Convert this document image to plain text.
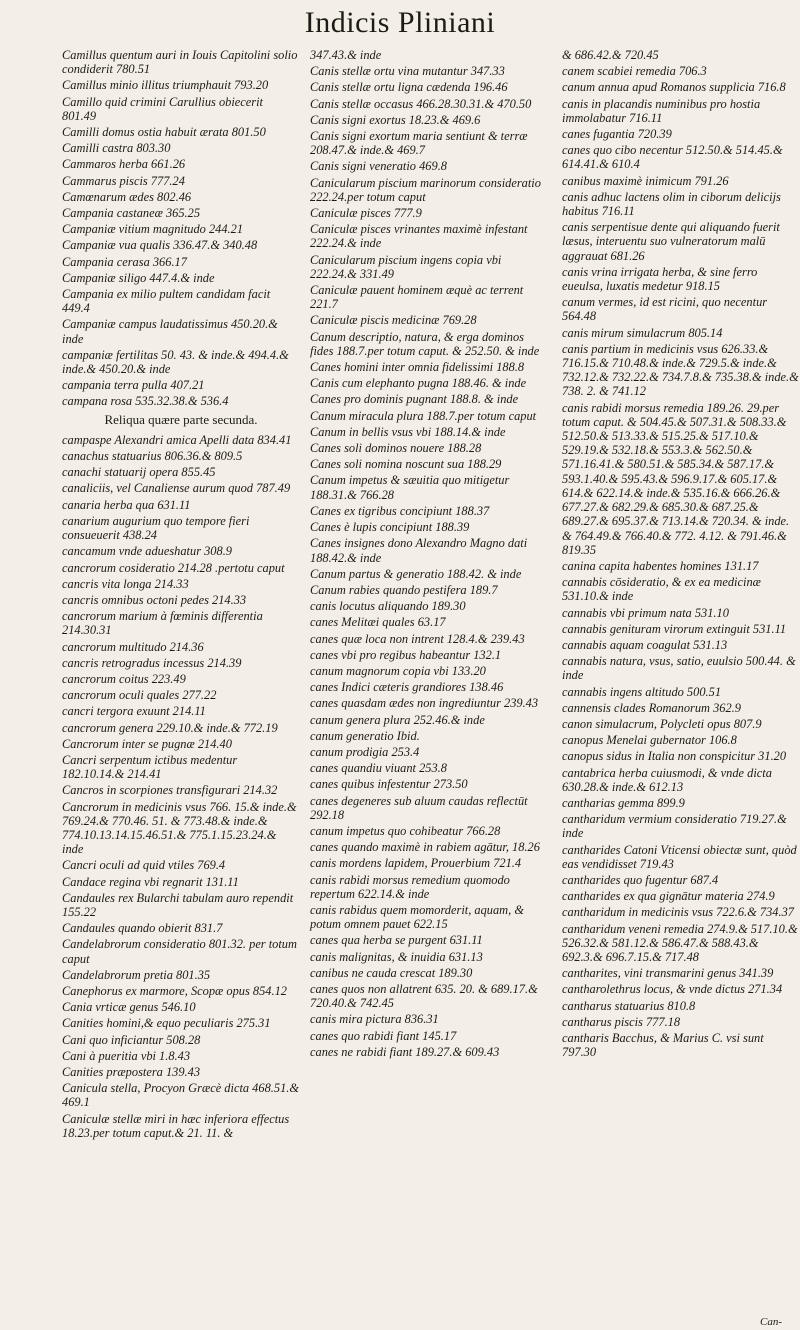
Indicis Pliniani
Camillus quentum auri in Iouis Capitolini solio condiderit 780.51
Camillus minio illitus triumphauit 793.20
Camillo quid crimini Carullius obiecerit 801.49
Camilli domus ostia habuit ærata 801.50
Camilli castra 803.30
Cammaros herba 661.26
Cammarus piscis 777.24
Camœnarum ædes 802.46
Campania castaneæ 365.25
Campaniæ vitium magnitudo 244.21
Campaniæ vua qualis 336.47.& 340.48
Campania cerasa 366.17
Campaniæ siligo 447.4.& inde
Campania ex milio pultem candidam facit 449.4
Campaniæ campus laudatissimus 450.20.& inde
campaniæ fertilitas 50. 43. & inde.& 494.4.& inde.& 450.20.& inde
campania terra pulla 407.21
campana rosa 535.32.38.& 536.4
Reliqua quære parte secunda.
campaspe Alexandri amica Apelli data 834.41
canachus statuarius 806.36.& 809.5
canachi statuarij opera 855.45
canaliciis, vel Canaliense aurum quod 787.49
canaria herba qua 631.11
canarium augurium quo tempore fieri consueuerit 438.24
cancamum vnde adueshatur 308.9
cancrorum cosideratio 214.28 .pertotu caput
cancris vita longa 214.33
cancris omnibus octoni pedes 214.33
cancrorum marium à fœminis differentia 214.30.31
cancrorum multitudo 214.36
cancris retrogradus incessus 214.39
cancrorum coitus 223.49
cancrorum oculi quales 277.22
cancri tergora exuunt 214.11
cancrorum genera 229.10.& inde.& 772.19
Cancrorum inter se pugnæ 214.40
Cancri serpentum ictibus medentur 182.10.14.& 214.41
Cancros in scorpiones transfigurari 214.32
Cancrorum in medicinis vsus 766. 15.& inde.& 769.24.& 770.46. 51. & 773.48.& inde.& 774.10.13.14.15.46.51.& 775.1.15.23.24.& inde
Cancri oculi ad quid vtiles 769.4
Candace regina vbi regnarit 131.11
Candaules rex Bularchi tabulam auro rependit 155.22
Candaules quando obierit 831.7
Candelabrorum consideratio 801.32. per totum caput
Candelabrorum pretia 801.35
Canephorus ex marmore, Scopæ opus 854.12
Cania vrticæ genus 546.10
Canities homini,& equo peculiaris 275.31
Cani quo inficiantur 508.28
Cani à pueritia vbi 1.8.43
Canities præpostera 139.43
Canicula stella, Procyon Græcè dicta 468.51.& 469.1
Caniculæ stellæ miri in hæc inferiora effectus 18.23.per totum caput.& 21. 11. &
347.43.& inde
Canis stellæ ortu vina mutantur 347.33
Canis stellæ ortu ligna cædenda 196.46
Canis stellæ occasus 466.28.30.31.& 470.50
Canis signi exortus 18.23.& 469.6
Canis signi exortum maria sentiunt & terræ 208.47.& inde.& 469.7
Canis signi veneratio 469.8
Canicularum piscium marinorum consideratio 222.24.per totum caput
Caniculæ pisces 777.9
Caniculæ pisces vrinantes maximè infestant 222.24.& inde
Canicularum piscium ingens copia vbi 222.24.& 331.49
Caniculæ pauent hominem æquè ac terrent 221.7
Caniculæ piscis medicinæ 769.28
Canum descriptio, natura, & erga dominos fides 188.7.per totum caput. & 252.50. & inde
Canes homini inter omnia fidelissimi 188.8
Canis cum elephanto pugna 188.46. & inde
Canes pro dominis pugnant 188.8. & inde
Canum miracula plura 188.7.per totum caput
Canum in bellis vsus vbi 188.14.& inde
Canes soli dominos nouere 188.28
Canes soli nomina noscunt sua 188.29
Canum impetus & sæuitia quo mitigetur 188.31.& 766.28
Canes ex tigribus concipiunt 188.37
Canes è lupis concipiunt 188.39
Canes insignes dono Alexandro Magno dati 188.42.& inde
Canum partus & generatio 188.42. & inde
Canum rabies quando pestifera 189.7
canis locutus aliquando 189.30
canes Melitæi quales 63.17
canes quæ loca non intrent 128.4.& 239.43
canes vbi pro regibus habeantur 132.1
canum magnorum copia vbi 133.20
canes Indici cæteris grandiores 138.46
canes quasdam ædes non ingrediuntur 239.43
canum genera plura 252.46.& inde
canum generatio Ibid.
canum prodigia 253.4
canes quandiu viuant 253.8
canes quibus infestentur 273.50
canes degeneres sub aluum caudas reflectūt 292.18
canum impetus quo cohibeatur 766.28
canes quando maximè in rabiem agātur, 18.26
canis mordens lapidem, Prouerbium 721.4
canis rabidi morsus remedium quomodo repertum 622.14.& inde
canis rabidus quem momorderit, aquam, & potum omnem pauet 622.15
canes qua herba se purgent 631.11
canis malignitas, & inuidia 631.13
canibus ne cauda crescat 189.30
canes quos non allatrent 635. 20. & 689.17.& 720.40.& 742.45
canis mira pictura 836.31
canes quo rabidi fiant 145.17
canes ne rabidi fiant 189.27.& 609.43
& 686.42.& 720.45
canem scabiei remedia 706.3
canum annua apud Romanos supplicia 716.8
canis in placandis numinibus pro hostia immolabatur 716.11
canes fugantia 720.39
canes quo cibo necentur 512.50.& 514.45.& 614.41.& 610.4
canibus maximè inimicum 791.26
canis adhuc lactens olim in ciborum delicijs habitus 716.11
canis serpentisue dente qui aliquando fuerit læsus, interuentu suo vulneratorum malū aggrauat 681.26
canis vrina irrigata herba, & sine ferro eueulsa, luxatis medetur 918.15
canum vermes, id est ricini, quo necentur 564.48
canis mirum simulacrum 805.14
canis partium in medicinis vsus 626.33.& 716.15.& 710.48.& inde.& 729.5.& inde.& 732.12.& 732.22.& 734.7.8.& 735.38.& inde.& 738. 2. & 741.12
canis rabidi morsus remedia 189.26. 29.per totum caput. & 504.45.& 507.31.& 508.33.& 512.50.& 513.33.& 515.25.& 517.10.& 529.19.& 532.18.& 553.3.& 562.50.& 571.16.41.& 580.51.& 585.34.& 587.17.& 593.1.40.& 595.43.& 596.9.17.& 605.17.& 614.& 622.14.& inde.& 535.16.& 666.26.& 677.27.& 682.29.& 685.30.& 687.25.& 689.27.& 695.37.& 713.14.& 720.34. & inde. & 764.49.& 766.40.& 772. 4.12. & 791.46.& 819.35
canina capita habentes homines 131.17
cannabis cōsideratio, & ex ea medicinæ 531.10.& inde
cannabis vbi primum nata 531.10
cannabis genituram virorum extinguit 531.11
cannabis aquam coagulat 531.13
cannabis natura, vsus, satio, euulsio 500.44. & inde
cannabis ingens altitudo 500.51
cannensis clades Romanorum 362.9
canon simulacrum, Polycleti opus 807.9
canopus Menelai gubernator 106.8
canopus sidus in Italia non conspicitur 31.20
cantabrica herba cuiusmodi, & vnde dicta 630.28.& inde.& 612.13
cantharias gemma 899.9
cantharidum vermium consideratio 719.27.& inde
cantharides Catoni Vticensi obiectæ sunt, quòd eas vendidisset 719.43
cantharides quo fugentur 687.4
cantharides ex qua gignātur materia 274.9
cantharidum in medicinis vsus 722.6.& 734.37
cantharidum veneni remedia 274.9.& 517.10.& 526.32.& 581.12.& 586.47.& 588.43.& 692.3.& 696.7.15.& 717.48
cantharites, vini transmarini genus 341.39
cantharolethrus locus, & vnde dictus 271.34
cantharus statuarius 810.8
cantharus piscis 777.18
cantharis Bacchus, & Marius C. vsi sunt 797.30
Can-
